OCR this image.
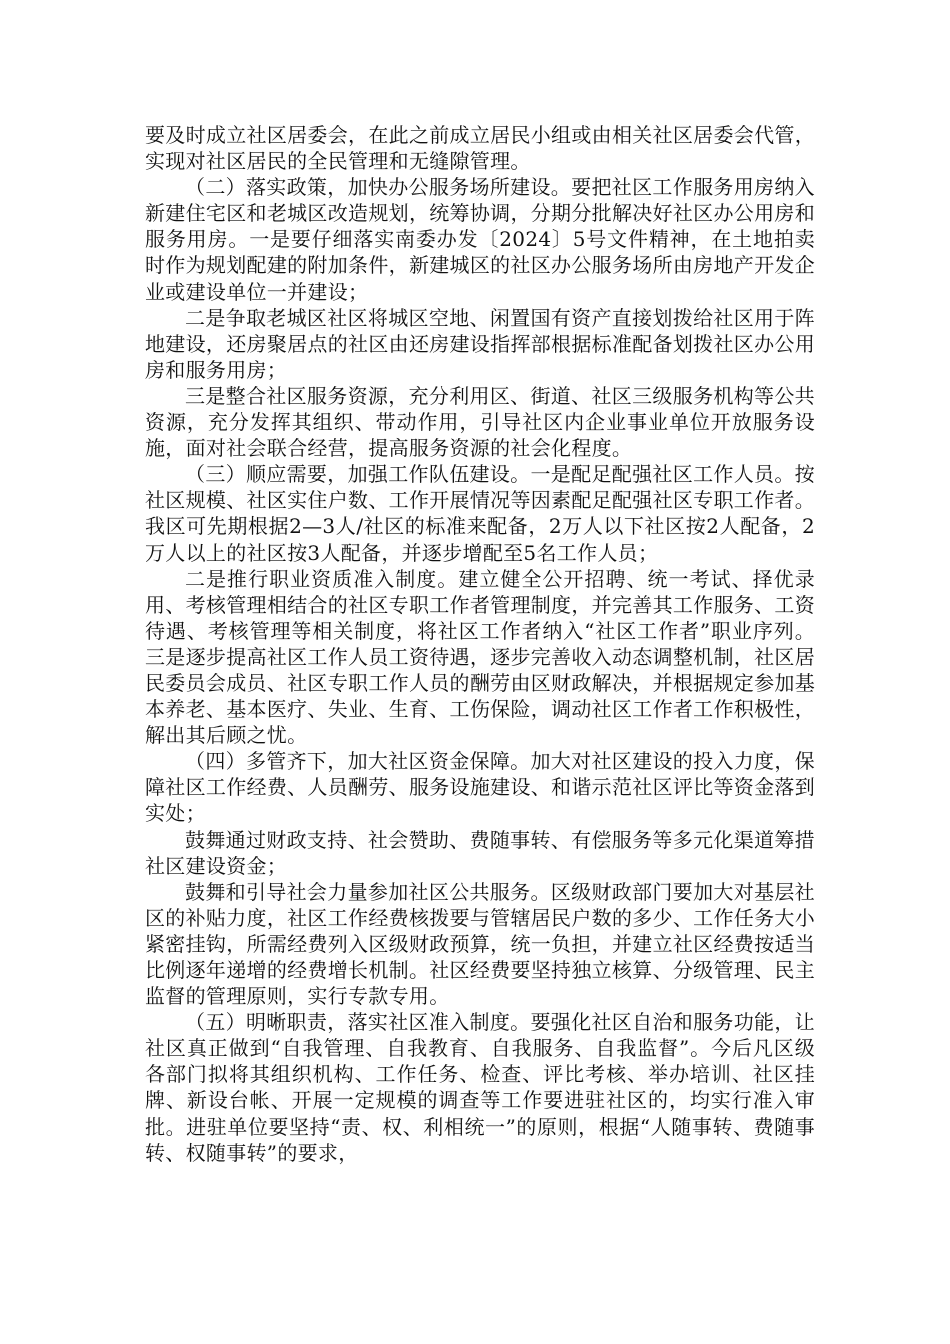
要及时成立社区居委会，在此之前成立居民小组或由相关社区居委会代管，实现对社区居民的全民管理和无缝隙管理。

（二）落实政策，加快办公服务场所建设。要把社区工作服务用房纳入新建住宅区和老城区改造规划，统筹协调，分期分批解决好社区办公用房和服务用房。一是要仔细落实南委办发〔2024〕5号文件精神，在土地拍卖时作为规划配建的附加条件，新建城区的社区办公服务场所由房地产开发企业或建设单位一并建设；

二是争取老城区社区将城区空地、闲置国有资产直接划拨给社区用于阵地建设，还房聚居点的社区由还房建设指挥部根据标准配备划拨社区办公用房和服务用房；

三是整合社区服务资源，充分利用区、街道、社区三级服务机构等公共资源，充分发挥其组织、带动作用，引导社区内企业事业单位开放服务设施，面对社会联合经营，提高服务资源的社会化程度。

（三）顺应需要，加强工作队伍建设。一是配足配强社区工作人员。按社区规模、社区实住户数、工作开展情况等因素配足配强社区专职工作者。我区可先期根据2—3人/社区的标准来配备，2万人以下社区按2人配备，2万人以上的社区按3人配备，并逐步增配至5名工作人员；

二是推行职业资质准入制度。建立健全公开招聘、统一考试、择优录用、考核管理相结合的社区专职工作者管理制度，并完善其工作服务、工资待遇、考核管理等相关制度，将社区工作者纳入“社区工作者”职业序列。三是逐步提高社区工作人员工资待遇，逐步完善收入动态调整机制，社区居民委员会成员、社区专职工作人员的酬劳由区财政解决，并根据规定参加基本养老、基本医疗、失业、生育、工伤保险，调动社区工作者工作积极性，解出其后顾之忧。

（四）多管齐下，加大社区资金保障。加大对社区建设的投入力度，保障社区工作经费、人员酬劳、服务设施建设、和谐示范社区评比等资金落到实处；

鼓舞通过财政支持、社会赞助、费随事转、有偿服务等多元化渠道筹措社区建设资金；

鼓舞和引导社会力量参加社区公共服务。区级财政部门要加大对基层社区的补贴力度，社区工作经费核拨要与管辖居民户数的多少、工作任务大小紧密挂钩，所需经费列入区级财政预算，统一负担，并建立社区经费按适当比例逐年递增的经费增长机制。社区经费要坚持独立核算、分级管理、民主监督的管理原则，实行专款专用。

（五）明晰职责，落实社区准入制度。要强化社区自治和服务功能，让社区真正做到“自我管理、自我教育、自我服务、自我监督”。今后凡区级各部门拟将其组织机构、工作任务、检查、评比考核、举办培训、社区挂牌、新设台帐、开展一定规模的调查等工作要进驻社区的，均实行准入审批。进驻单位要坚持“责、权、利相统一”的原则，根据“人随事转、费随事转、权随事转”的要求，
